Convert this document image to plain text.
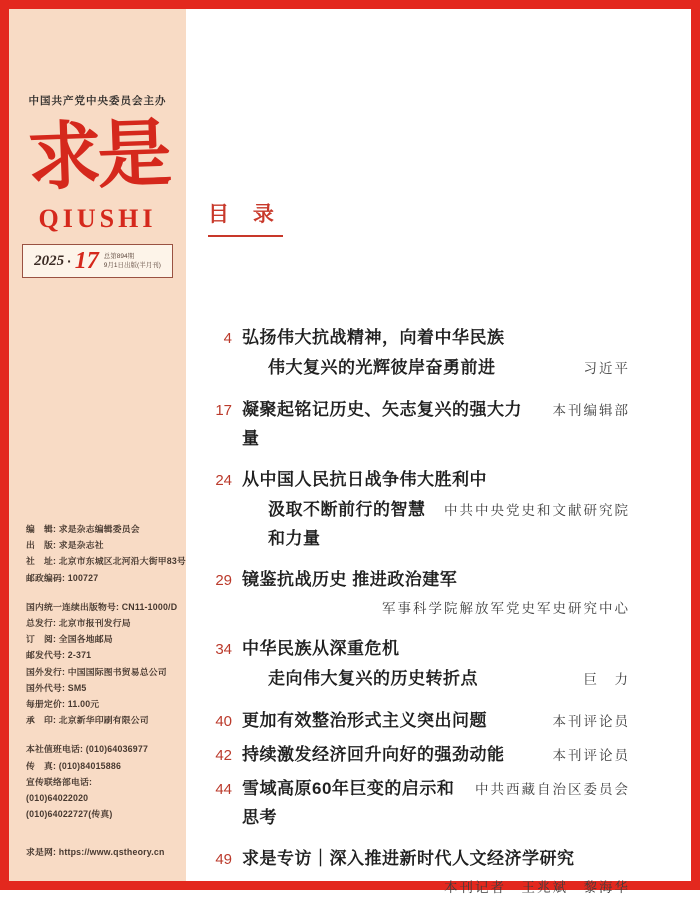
中国共产党中央委员会主办
求是
QIUSHI
2025 · 17 总第894期
9月1日出版(半月刊)
编　辑: 求是杂志编辑委员会
出　版: 求是杂志社
社　址: 北京市东城区北河沿大街甲83号
邮政编码: 100727
国内统一连续出版物号: CN11-1000/D
总发行: 北京市报刊发行局
订　阅: 全国各地邮局
邮发代号: 2-371
国外发行: 中国国际图书贸易总公司
国外代号: SM5
每册定价: 11.00元
承　印: 北京新华印刷有限公司
本社值班电话: (010)64036977
传　真: (010)84015886
宣传联络部电话:
(010)64022020
(010)64022727(传真)
求是网: https://www.qstheory.cn
目 录
4 弘扬伟大抗战精神，向着中华民族
伟大复兴的光辉彼岸奋勇前进	习近平
17 凝聚起铭记历史、矢志复兴的强大力量
本刊编辑部
24 从中国人民抗日战争伟大胜利中
汲取不断前行的智慧和力量
中共中央党史和文献研究院
29 镜鉴抗战历史 推进政治建军
军事科学院解放军党史军史研究中心
34 中华民族从深重危机
走向伟大复兴的历史转折点	巨　力
40 更加有效整治形式主义突出问题	本刊评论员
42 持续激发经济回升向好的强劲动能	本刊评论员
44 雪域高原60年巨变的启示和思考
中共西藏自治区委员会
49 求是专访｜深入推进新时代人文经济学研究
本刊记者　王兆斌　黎海华
